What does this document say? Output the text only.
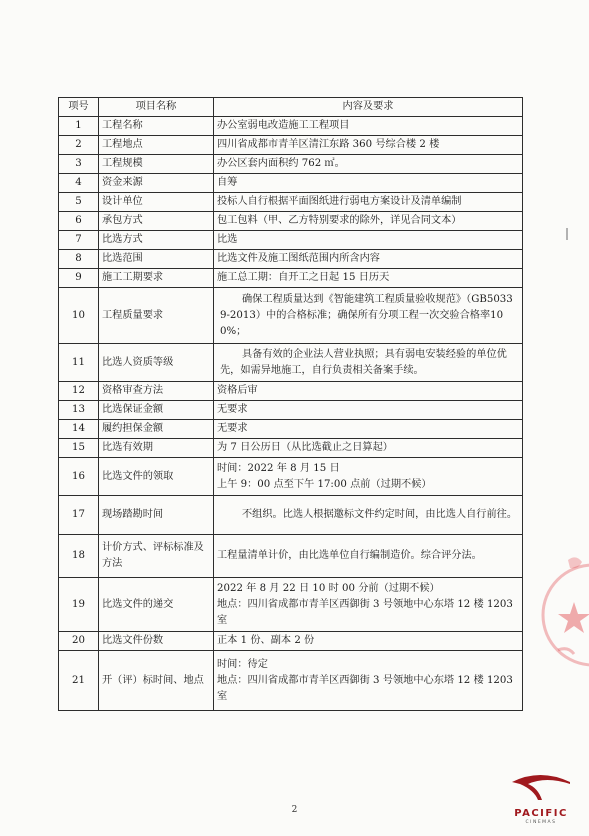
项号	项目名称	内容及要求
1	工程名称	办公室弱电改造施工工程项目

2	工程地点	四川省成都市青羊区清江东路 360 号综合楼 2 楼

3	工程规模	办公区套内面积约 762 ㎡。

4	资金来源	自筹

5	设计单位	投标人自行根据平面图纸进行弱电方案设计及清单编制

6	承包方式	包工包料（甲、乙方特别要求的除外，详见合同文本）

7	比选方式	比选

8	比选范围	比选文件及施工图纸范围内所含内容

9	施工工期要求	施工总工期：自开工之日起 15 日历天

10	工程质量要求	确保工程质量达到《智能建筑工程质量验收规范》（GB50339-2013）中的合格标准；确保所有分项工程一次交验合格率100%；

11	比选人资质等级	具备有效的企业法人营业执照；具有弱电安装经验的单位优先，如需异地施工，自行负责相关备案手续。

12	资格审查方法	资格后审

13	比选保证金额	无要求

14	履约担保金额	无要求

15	比选有效期	为 7 日公历日（从比选截止之日算起）

16	比选文件的领取	时间：2022 年 8 月 15 日
上午 9：00 点至下午 17:00 点前（过期不候）

17	现场踏勘时间	不组织。比选人根据邀标文件约定时间，由比选人自行前往。

18	计价方式、评标标准及方法	工程量清单计价，由比选单位自行编制造价。综合评分法。

19	比选文件的递交	2022 年 8 月 22 日 10 时 00 分前（过期不候）
地点：四川省成都市青羊区西御街 3 号领地中心东塔 12 楼 1203 室

20	比选文件份数	正本 1 份、副本 2 份

21	开（评）标时间、地点	时间：待定
地点：四川省成都市青羊区西御街 3 号领地中心东塔 12 楼 1203 室
2	PACIFIC
CINEMAS
